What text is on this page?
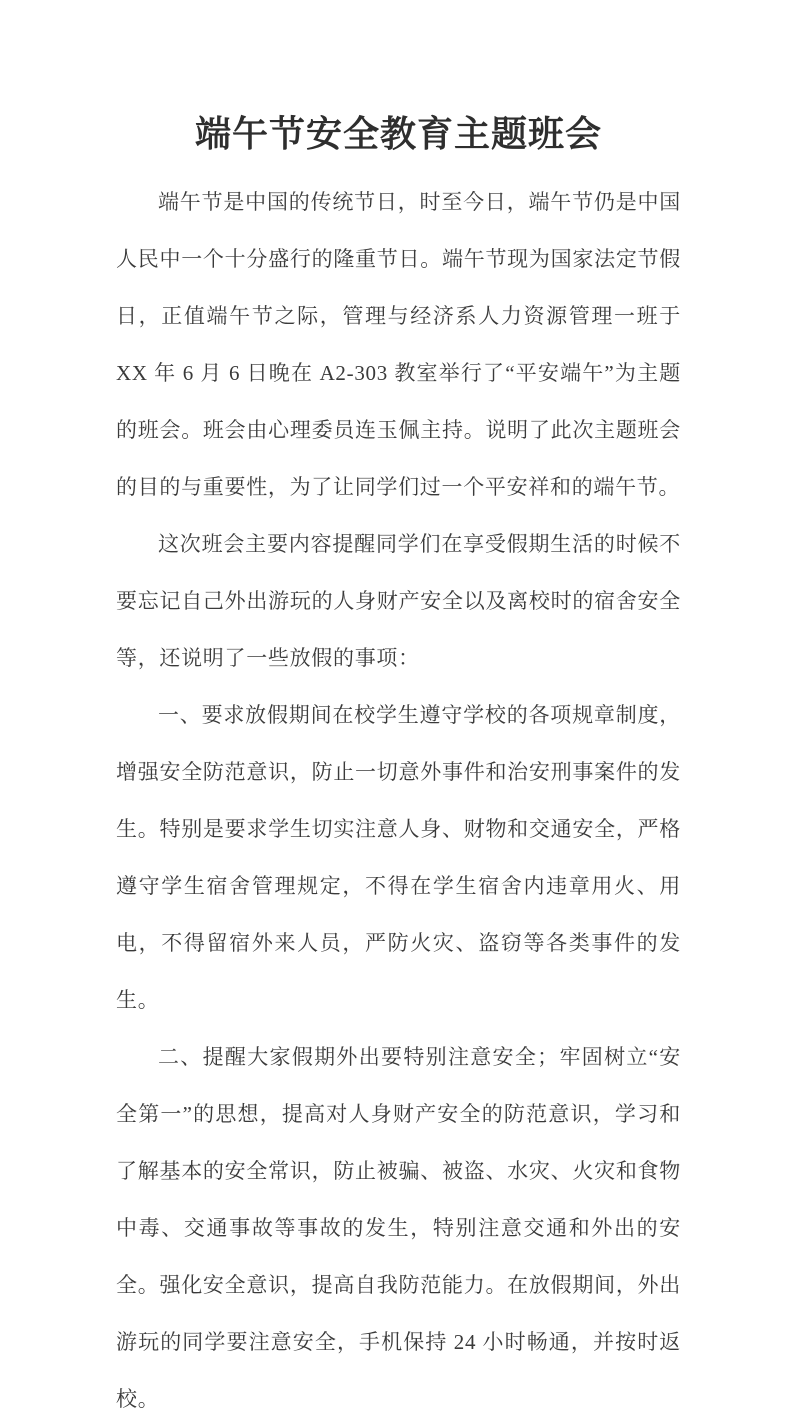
端午节安全教育主题班会

端午节是中国的传统节日，时至今日，端午节仍是中国人民中一个十分盛行的隆重节日。端午节现为国家法定节假日，正值端午节之际，管理与经济系人力资源管理一班于 XX 年 6 月 6 日晚在 A2-303 教室举行了“平安端午”为主题的班会。班会由心理委员连玉佩主持。说明了此次主题班会的目的与重要性，为了让同学们过一个平安祥和的端午节。

这次班会主要内容提醒同学们在享受假期生活的时候不要忘记自己外出游玩的人身财产安全以及离校时的宿舍安全等，还说明了一些放假的事项：

一、要求放假期间在校学生遵守学校的各项规章制度，增强安全防范意识，防止一切意外事件和治安刑事案件的发生。特别是要求学生切实注意人身、财物和交通安全，严格遵守学生宿舍管理规定，不得在学生宿舍内违章用火、用电，不得留宿外来人员，严防火灾、盗窃等各类事件的发生。

二、提醒大家假期外出要特别注意安全；牢固树立“安全第一”的思想，提高对人身财产安全的防范意识，学习和了解基本的安全常识，防止被骗、被盗、水灾、火灾和食物中毒、交通事故等事故的发生，特别注意交通和外出的安全。强化安全意识，提高自我防范能力。在放假期间，外出游玩的同学要注意安全，手机保持 24 小时畅通，并按时返校。
